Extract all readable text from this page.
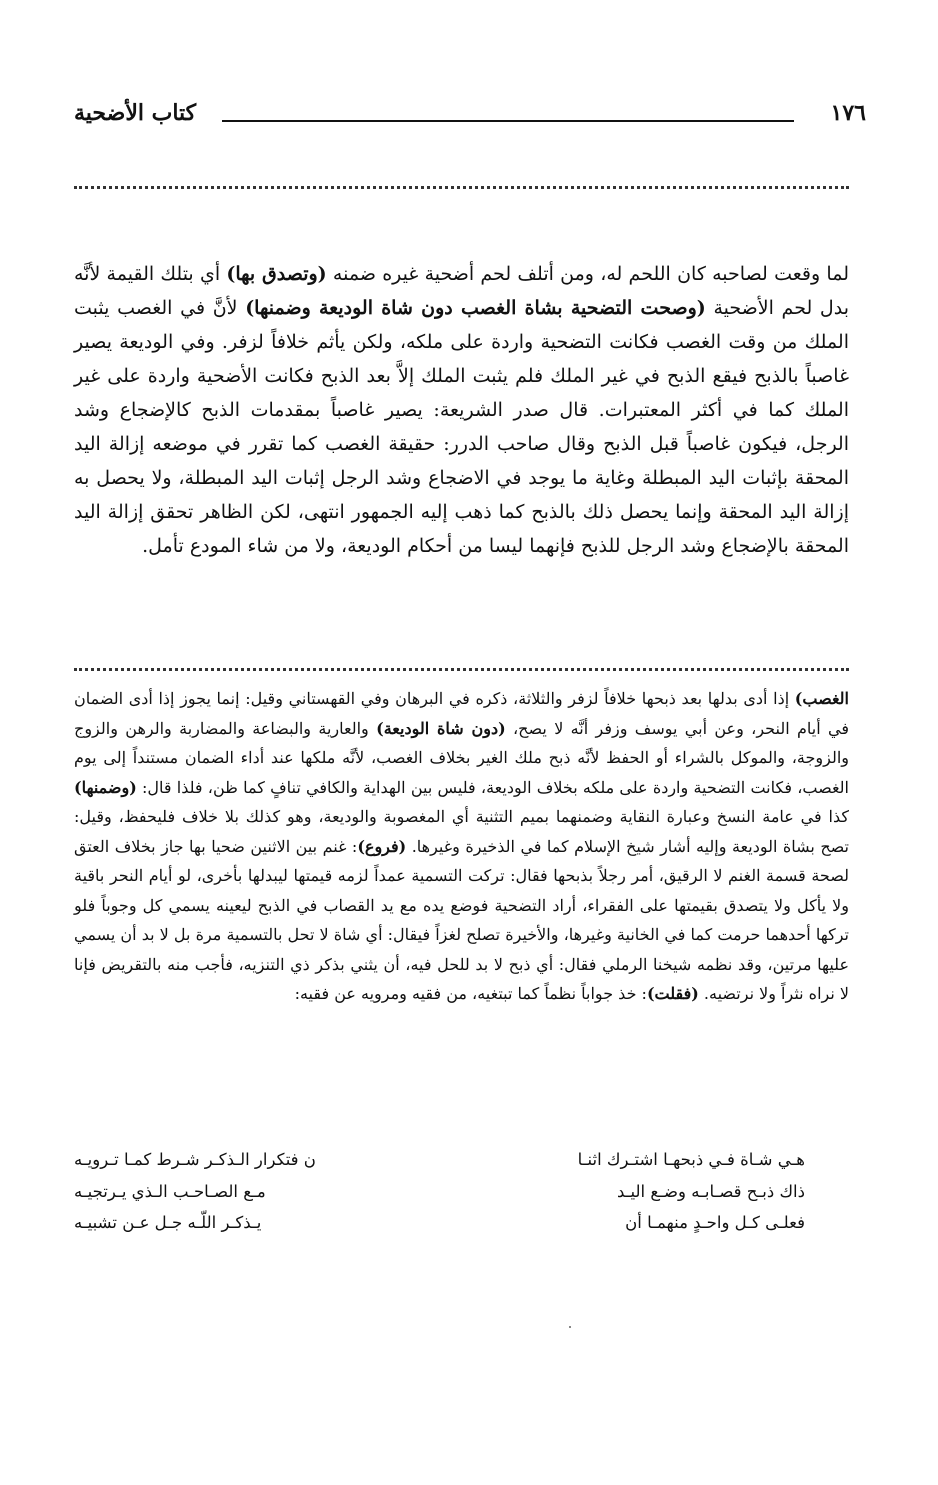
١٧٦
كتاب الأضحية
لما وقعت لصاحبه كان اللحم له، ومن أتلف لحم أضحية غيره ضمنه (وتصدق بها) أي بتلك القيمة لأنَّه بدل لحم الأضحية (وصحت التضحية بشاة الغصب دون شاة الوديعة وضمنها) لأنَّ في الغصب يثبت الملك من وقت الغصب فكانت التضحية واردة على ملكه، ولكن يأثم خلافاً لزفر. وفي الوديعة يصير غاصباً بالذبح فيقع الذبح في غير الملك فلم يثبت الملك إلاَّ بعد الذبح فكانت الأضحية واردة على غير الملك كما في أكثر المعتبرات. قال صدر الشريعة: يصير غاصباً بمقدمات الذبح كالإضجاع وشد الرجل، فيكون غاصباً قبل الذبح وقال صاحب الدرر: حقيقة الغصب كما تقرر في موضعه إزالة اليد المحقة بإثبات اليد المبطلة وغاية ما يوجد في الاضجاع وشد الرجل إثبات اليد المبطلة، ولا يحصل به إزالة اليد المحقة وإنما يحصل ذلك بالذبح كما ذهب إليه الجمهور انتهى، لكن الظاهر تحقق إزالة اليد المحقة بالإضجاع وشد الرجل للذبح فإنهما ليسا من أحكام الوديعة، ولا من شاء المودع تأمل.
الغصب) إذا أدى بدلها بعد ذبحها خلافاً لزفر والثلاثة، ذكره في البرهان وفي القهستاني وقيل: إنما يجوز إذا أدى الضمان في أيام النحر، وعن أبي يوسف وزفر أنَّه لا يصح، (دون شاة الوديعة) والعارية والبضاعة والمضاربة والرهن والزوج والزوجة، والموكل بالشراء أو الحفظ لأنَّه ذبح ملك الغير بخلاف الغصب، لأنَّه ملكها عند أداء الضمان مستنداً إلى يوم الغصب، فكانت التضحية واردة على ملكه بخلاف الوديعة، فليس بين الهداية والكافي تنافٍ كما ظن، فلذا قال: (وضمنها) كذا في عامة النسخ وعبارة النقاية وضمنهما بميم التثنية أي المغصوبة والوديعة، وهو كذلك بلا خلاف فليحفظ، وقيل: تصح بشاة الوديعة وإليه أشار شيخ الإسلام كما في الذخيرة وغيرها. (فروع): غنم بين الاثنين ضحيا بها جاز بخلاف العتق لصحة قسمة الغنم لا الرقيق، أمر رجلاً بذبحها فقال: تركت التسمية عمداً لزمه قيمتها ليبدلها بأخرى، لو أيام النحر باقية ولا يأكل ولا يتصدق بقيمتها على الفقراء، أراد التضحية فوضع يده مع يد القصاب في الذبح ليعينه يسمي كل وجوباً فلو تركها أحدهما حرمت كما في الخانية وغيرها، والأخيرة تصلح لغزاً فيقال: أي شاة لا تحل بالتسمية مرة بل لا بد أن يسمي عليها مرتين، وقد نظمه شيخنا الرملي فقال: أي ذبح لا بد للحل فيه، أن يثني بذكر ذي التنزيه، فأجب منه بالتقريض فإنا لا نراه نثراً ولا نرتضيه. (فقلت): خذ جواباً نظماً كما تبتغيه، من فقيه ومرويه عن فقيه:
هـي شـاة فـي ذبحهـا اشتـرك اثنـا
ن فتكرار الـذكـر شـرط كمـا تـرويـه
ذاك ذبـح قصـابـه وضـع اليـد
مـع الصـاحـب الـذي يـرتجيـه
فعلـى كـل واحـدٍ منهمـا أن
يـذكـر اللّـه جـل عـن تشبيـه
